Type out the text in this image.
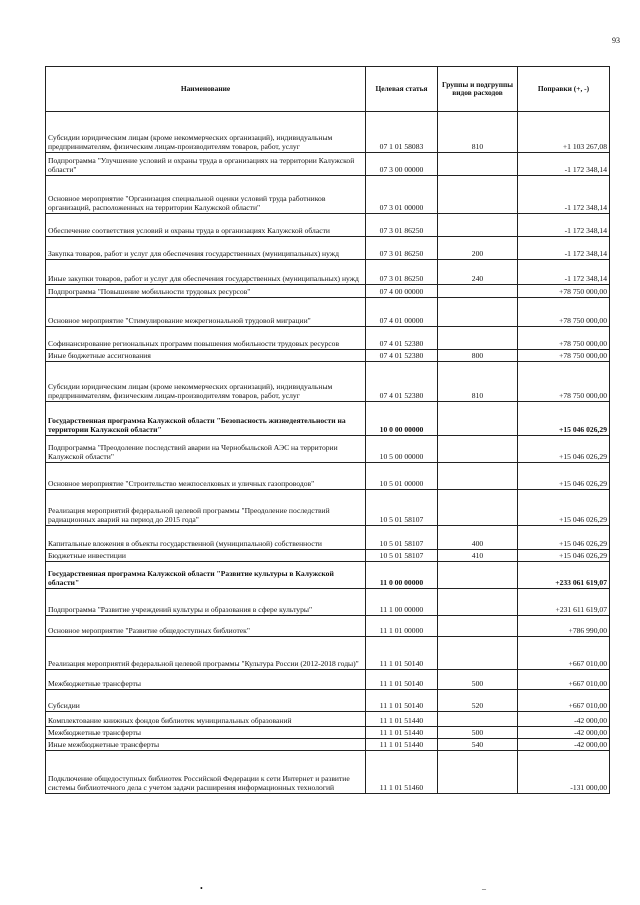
93
Наименование	Целевая статья	Группы и подгруппы видов расходов	Поправки (+, -)
Субсидии юридическим лицам (кроме некоммерческих организаций), индивидуальным предпринимателям, физическим лицам-производителям товаров, работ, услуг	07 1 01 58083	810	+1 103 267,08
Подпрограмма "Улучшение условий и охраны труда в организациях на территории Калужской области"	07 3 00 00000		-1 172 348,14
Основное мероприятие "Организация специальной оценки условий труда работников организаций, расположенных на территории Калужской области"	07 3 01 00000		-1 172 348,14
Обеспечение соответствия условий и охраны труда в организациях Калужской области	07 3 01 86250		-1 172 348,14
Закупка товаров, работ и услуг для обеспечения государственных (муниципальных) нужд	07 3 01 86250	200	-1 172 348,14
Иные закупки товаров, работ и услуг для обеспечения государственных (муниципальных) нужд	07 3 01 86250	240	-1 172 348,14
Подпрограмма "Повышение мобильности трудовых ресурсов"	07 4 00 00000		+78 750 000,00
Основное мероприятие "Стимулирование межрегиональной трудовой миграции"	07 4 01 00000		+78 750 000,00
Софинансирование региональных программ повышения мобильности трудовых ресурсов	07 4 01 52380		+78 750 000,00
Иные бюджетные ассигнования	07 4 01 52380	800	+78 750 000,00
Субсидии юридическим лицам (кроме некоммерческих организаций), индивидуальным предпринимателям, физическим лицам-производителям товаров, работ, услуг	07 4 01 52380	810	+78 750 000,00
Государственная программа Калужской области "Безопасность жизнедеятельности на территории Калужской области"	10 0 00 00000		+15 046 026,29
Подпрограмма "Преодоление последствий аварии на Чернобыльской АЭС на территории Калужской области"	10 5 00 00000		+15 046 026,29
Основное мероприятие "Строительство межпоселковых и уличных газопроводов"	10 5 01 00000		+15 046 026,29
Реализация мероприятий федеральной целевой программы "Преодоление последствий радиационных аварий на период до 2015 года"	10 5 01 58107		+15 046 026,29
Капитальные вложения в объекты государственной (муниципальной) собственности	10 5 01 58107	400	+15 046 026,29
Бюджетные инвестиции	10 5 01 58107	410	+15 046 026,29
Государственная программа Калужской области "Развитие культуры в Калужской области"	11 0 00 00000		+233 061 619,07
Подпрограмма "Развитие учреждений культуры и образования в сфере культуры"	11 1 00 00000		+231 611 619,07
Основное мероприятие "Развитие общедоступных библиотек"	11 1 01 00000		+786 990,00
Реализация мероприятий федеральной целевой программы "Культура России (2012-2018 годы)"	11 1 01 50140		+667 010,00
Межбюджетные трансферты	11 1 01 50140	500	+667 010,00
Субсидии	11 1 01 50140	520	+667 010,00
Комплектование книжных фондов библиотек муниципальных образований	11 1 01 51440		-42 000,00
Межбюджетные трансферты	11 1 01 51440	500	-42 000,00
Иные межбюджетные трансферты	11 1 01 51440	540	-42 000,00
Подключение общедоступных библиотек Российской Федерации к сети Интернет и развитие системы библиотечного дела с учетом задачи расширения информационных технологий	11 1 01 51460		-131 000,00
•	–
